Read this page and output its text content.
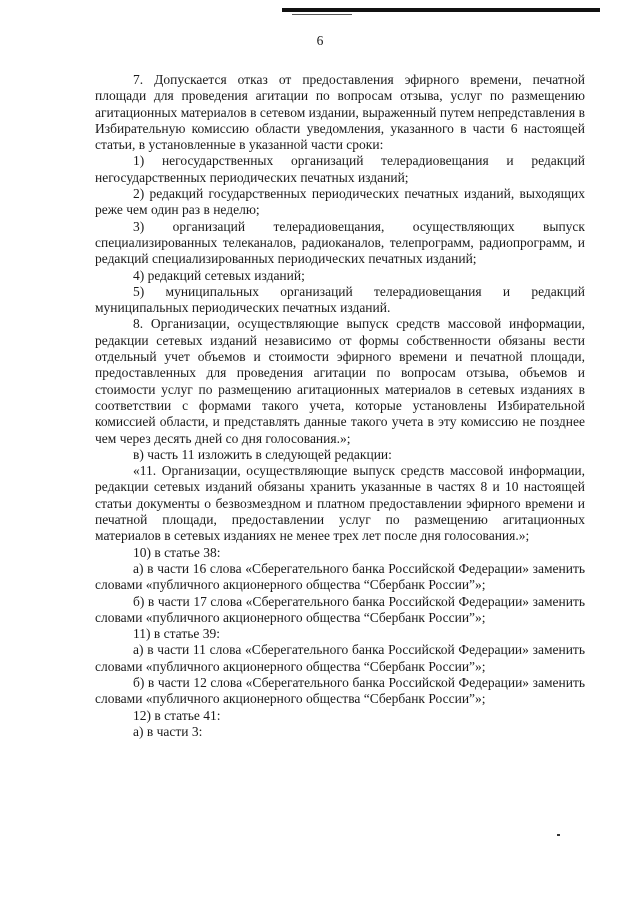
6

7. Допускается отказ от предоставления эфирного времени, печатной площади для проведения агитации по вопросам отзыва, услуг по размещению агитационных материалов в сетевом издании, выраженный путем непредставления в Избирательную комиссию области уведомления, указанного в части 6 настоящей статьи, в установленные в указанной части сроки:

1) негосударственных организаций телерадиовещания и редакций негосударственных периодических печатных изданий;

2) редакций государственных периодических печатных изданий, выходящих реже чем один раз в неделю;

3) организаций телерадиовещания, осуществляющих выпуск специализированных телеканалов, радиоканалов, телепрограмм, радиопрограмм, и редакций специализированных периодических печатных изданий;

4) редакций сетевых изданий;

5) муниципальных организаций телерадиовещания и редакций муниципальных периодических печатных изданий.

8. Организации, осуществляющие выпуск средств массовой информации, редакции сетевых изданий независимо от формы собственности обязаны вести отдельный учет объемов и стоимости эфирного времени и печатной площади, предоставленных для проведения агитации по вопросам отзыва, объемов и стоимости услуг по размещению агитационных материалов в сетевых изданиях в соответствии с формами такого учета, которые установлены Избирательной комиссией области, и представлять данные такого учета в эту комиссию не позднее чем через десять дней со дня голосования.»;

в) часть 11 изложить в следующей редакции:

«11. Организации, осуществляющие выпуск средств массовой информации, редакции сетевых изданий обязаны хранить указанные в частях 8 и 10 настоящей статьи документы о безвозмездном и платном предоставлении эфирного времени и печатной площади, предоставлении услуг по размещению агитационных материалов в сетевых изданиях не менее трех лет после дня голосования.»;

10) в статье 38:

а) в части 16 слова «Сберегательного банка Российской Федерации» заменить словами «публичного акционерного общества “Сбербанк России”»;

б) в части 17 слова «Сберегательного банка Российской Федерации» заменить словами «публичного акционерного общества “Сбербанк России”»;

11) в статье 39:

а) в части 11 слова «Сберегательного банка Российской Федерации» заменить словами «публичного акционерного общества “Сбербанк России”»;

б) в части 12 слова «Сберегательного банка Российской Федерации» заменить словами «публичного акционерного общества “Сбербанк России”»;

12) в статье 41:

а) в части 3:
